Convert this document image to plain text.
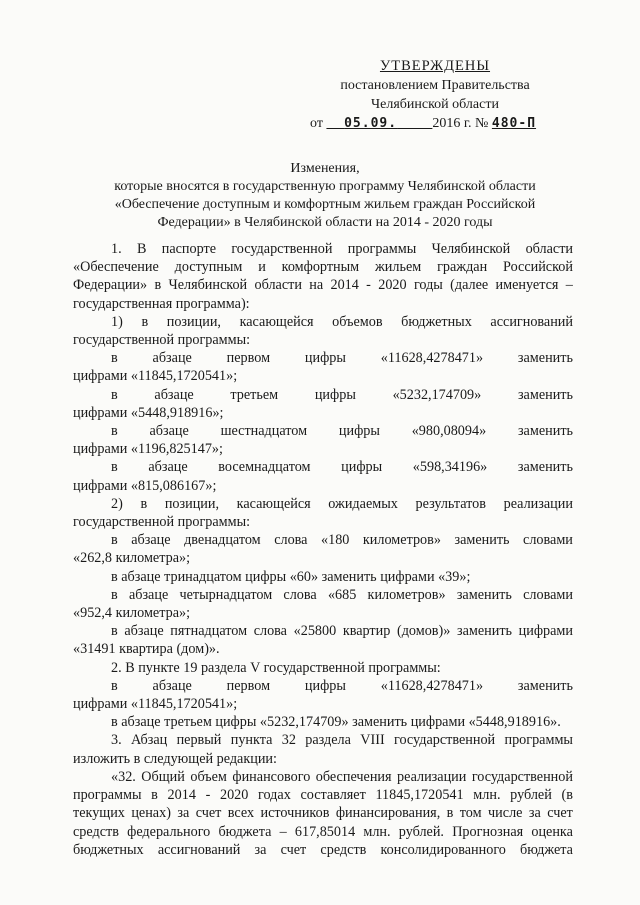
УТВЕРЖДЕНЫ
постановлением Правительства
Челябинской области
от 05.09.	2016 г. № 480-П
Изменения,
которые вносятся в государственную программу Челябинской области
«Обеспечение доступным и комфортным жильем граждан Российской
Федерации» в Челябинской области на 2014 - 2020 годы
1. В паспорте государственной программы Челябинской области
«Обеспечение доступным и комфортным жильем граждан Российской
Федерации» в Челябинской области на 2014 - 2020 годы (далее именуется –
государственная программа):
1) в позиции, касающейся объемов бюджетных ассигнований
государственной программы:
в абзаце первом цифры «11628,4278471» заменить
цифрами «11845,1720541»;
в	абзаце	третьем	цифры	«5232,174709»	заменить
цифрами «5448,918916»;
в абзаце шестнадцатом цифры «980,08094» заменить
цифрами «1196,825147»;
в абзаце восемнадцатом цифры «598,34196» заменить
цифрами «815,086167»;
2) в позиции, касающейся ожидаемых результатов реализации
государственной программы:
в абзаце двенадцатом слова «180 километров» заменить словами
«262,8 километра»;
в абзаце тринадцатом цифры «60» заменить цифрами «39»;
в абзаце четырнадцатом слова «685 километров» заменить словами
«952,4 километра»;
в абзаце пятнадцатом слова «25800 квартир (домов)» заменить цифрами
«31491 квартира (дом)».
2. В пункте 19 раздела V государственной программы:
в абзаце первом цифры «11628,4278471» заменить
цифрами «11845,1720541»;
в абзаце третьем цифры «5232,174709» заменить цифрами «5448,918916».
3. Абзац первый пункта 32 раздела VIII государственной программы
изложить в следующей редакции:
«32. Общий объем финансового обеспечения реализации государственной
программы в 2014 - 2020 годах составляет 11845,1720541 млн. рублей (в
текущих ценах) за счет всех источников финансирования, в том числе за счет
средств федерального бюджета – 617,85014 млн. рублей. Прогнозная оценка
бюджетных ассигнований за счет средств консолидированного бюджета
